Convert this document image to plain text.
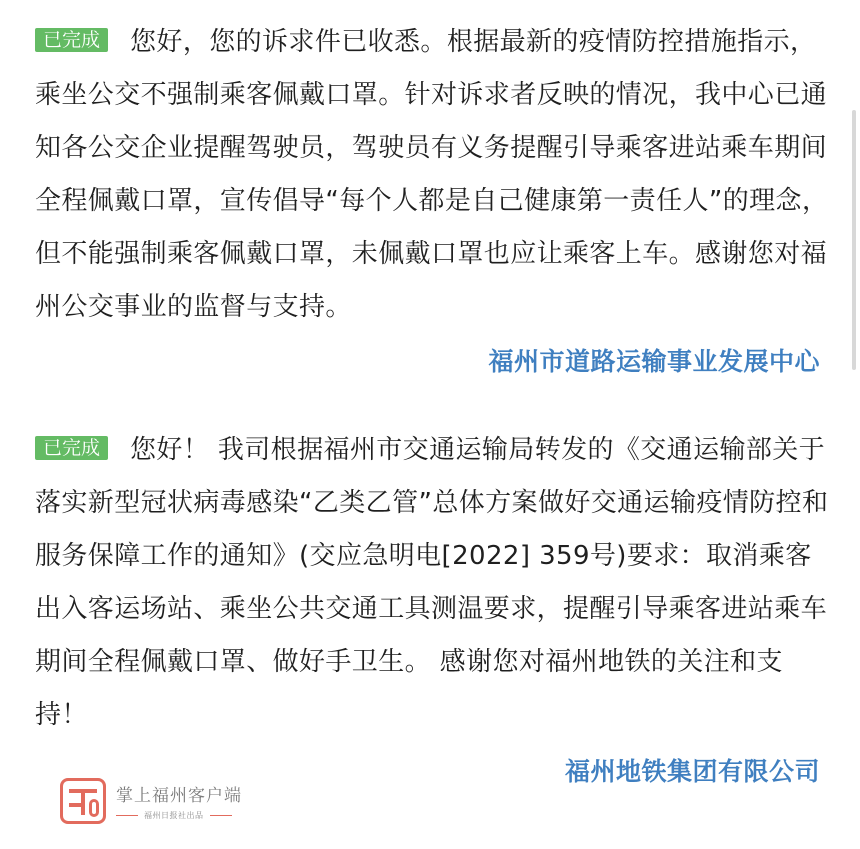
已完成 您好，您的诉求件已收悉。根据最新的疫情防控措施指示，乘坐公交不强制乘客佩戴口罩。针对诉求者反映的情况，我中心已通知各公交企业提醒驾驶员，驾驶员有义务提醒引导乘客进站乘车期间全程佩戴口罩，宣传倡导“每个人都是自己健康第一责任人”的理念，但不能强制乘客佩戴口罩，未佩戴口罩也应让乘客上车。感谢您对福州公交事业的监督与支持。
福州市道路运输事业发展中心
已完成 您好！ 我司根据福州市交通运输局转发的《交通运输部关于落实新型冠状病毒感染“乙类乙管”总体方案做好交通运输疫情防控和服务保障工作的通知》(交应急明电[2022] 359号)要求：取消乘客出入客运场站、乘坐公共交通工具测温要求，提醒引导乘客进站乘车期间全程佩戴口罩、做好手卫生。 感谢您对福州地铁的关注和支持！
福州地铁集团有限公司
掌上福州客户端
福州日报社出品
